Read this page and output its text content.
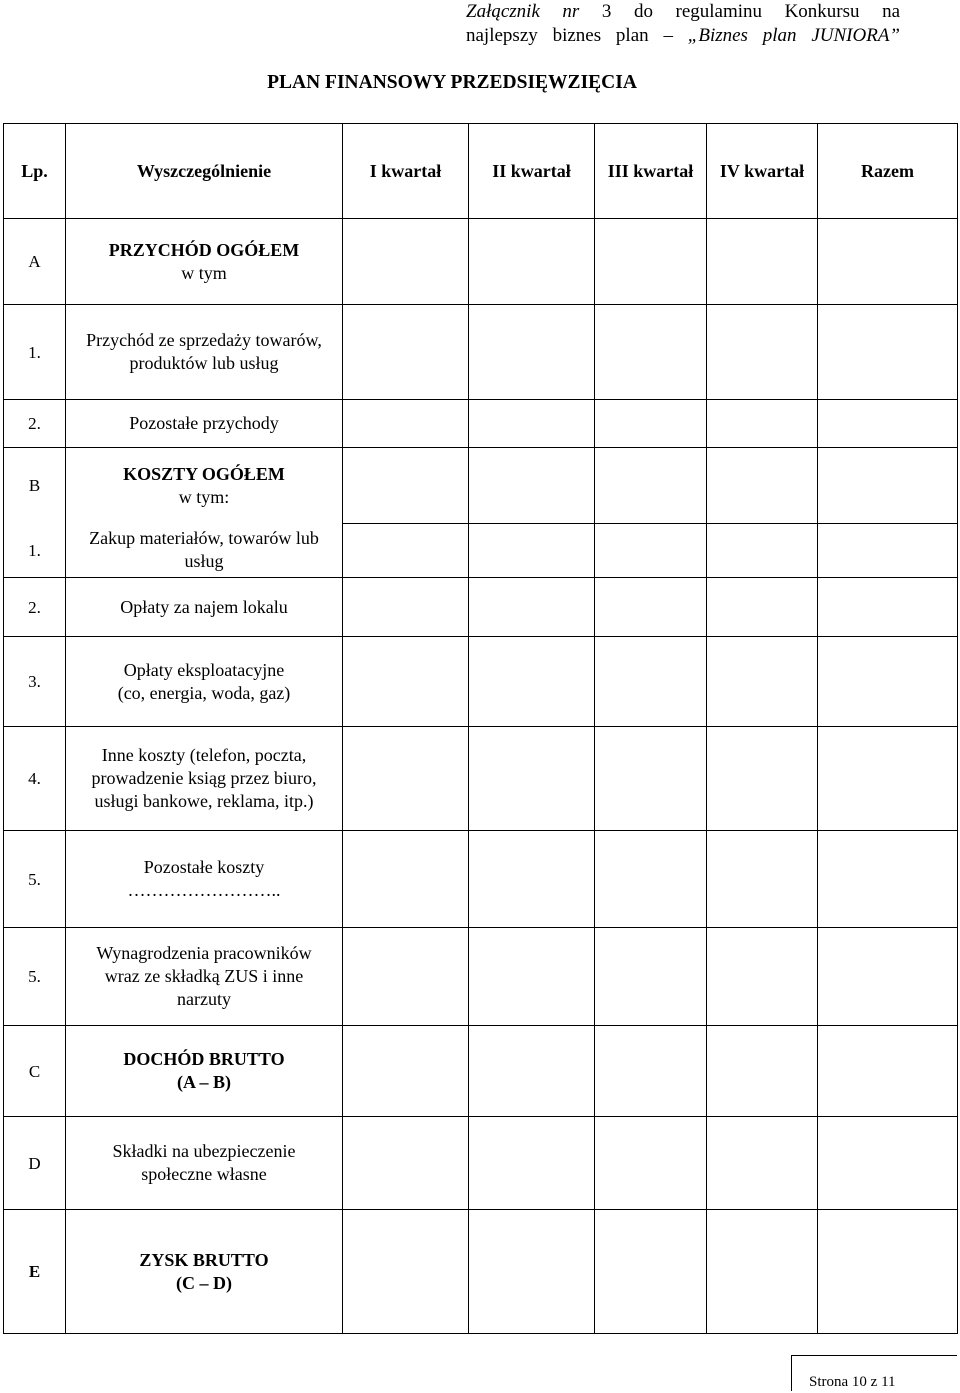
Załącznik nr 3 do regulaminu Konkursu na
najlepszy biznes plan – „Biznes plan JUNIORA”
PLAN FINANSOWY PRZEDSIĘWZIĘCIA
Lp.	Wyszczególnienie	I kwartał	II kwartał	III kwartał	IV kwartał	Razem
A	PRZYCHÓD OGÓŁEM
w tym					

1.	Przychód ze sprzedaży towarów,
produktów lub usług					

2.	Pozostałe przychody					

B	KOSZTY OGÓŁEM
w tym:					

1.	Zakup materiałów, towarów lub
usług					

2.	Opłaty za najem lokalu					

3.	Opłaty eksploatacyjne
(co, energia, woda, gaz)					

4.	Inne koszty (telefon, poczta,
prowadzenie ksiąg przez biuro,
usługi bankowe, reklama, itp.)					

5.	Pozostałe koszty
……………………..					

5.	Wynagrodzenia pracowników
wraz ze składką ZUS i inne
narzuty					

C	DOCHÓD BRUTTO
(A – B)					

D	Składki na ubezpieczenie
społeczne własne					

E	ZYSK BRUTTO
(C – D)					

Strona 10 z 11
